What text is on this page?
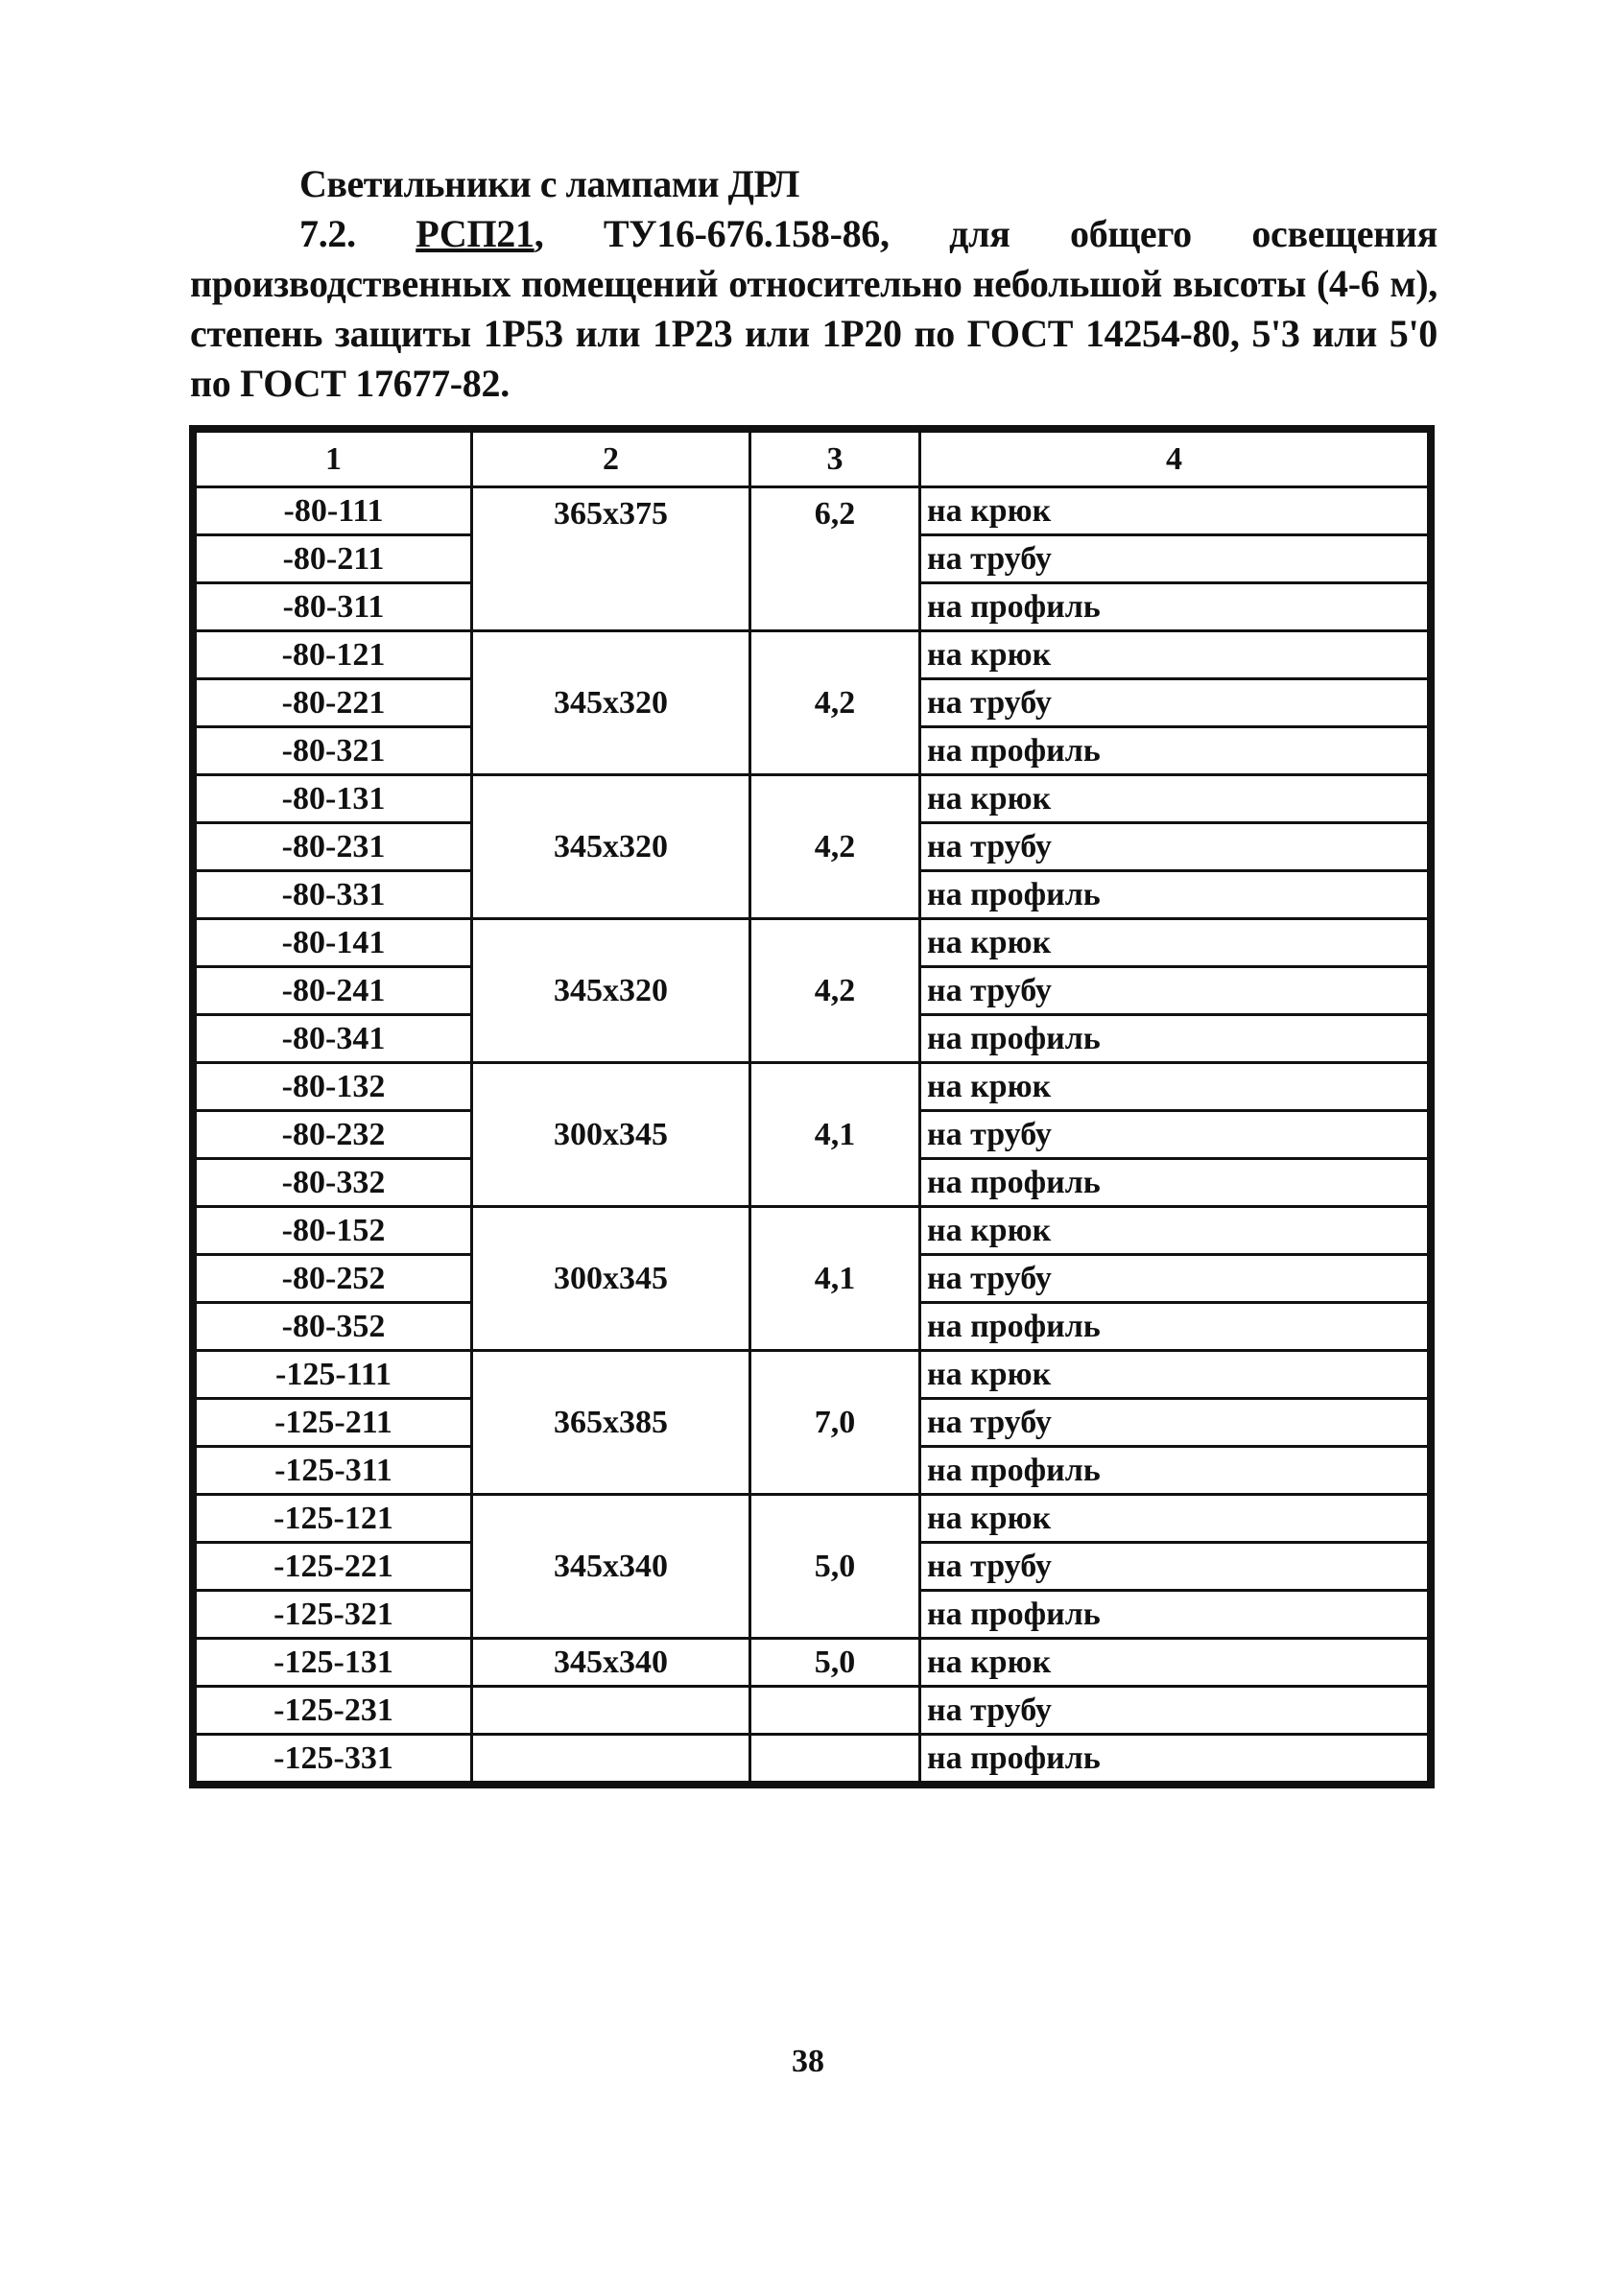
Светильники с лампами ДРЛ
7.2. РСП21, ТУ16-676.158-86, для общего освещения производственных помещений относительно небольшой высоты (4-6 м), степень защиты 1Р53 или 1Р23 или 1Р20 по ГОСТ 14254-80, 5'3 или 5'0 по ГОСТ 17677-82.
1	2	3	4
-80-111	365x375	6,2	на крюк
-80-211			на трубу
-80-311			на профиль
-80-121	345x320	4,2	на крюк
-80-221			на трубу
-80-321			на профиль
-80-131	345x320	4,2	на крюк
-80-231			на трубу
-80-331			на профиль
-80-141	345x320	4,2	на крюк
-80-241			на трубу
-80-341			на профиль
-80-132	300x345	4,1	на крюк
-80-232			на трубу
-80-332			на профиль
-80-152	300x345	4,1	на крюк
-80-252			на трубу
-80-352			на профиль
-125-111	365x385	7,0	на крюк
-125-211			на трубу
-125-311			на профиль
-125-121	345x340	5,0	на крюк
-125-221			на трубу
-125-321			на профиль
-125-131	345x340	5,0	на крюк
-125-231			на трубу
-125-331			на профиль
38
